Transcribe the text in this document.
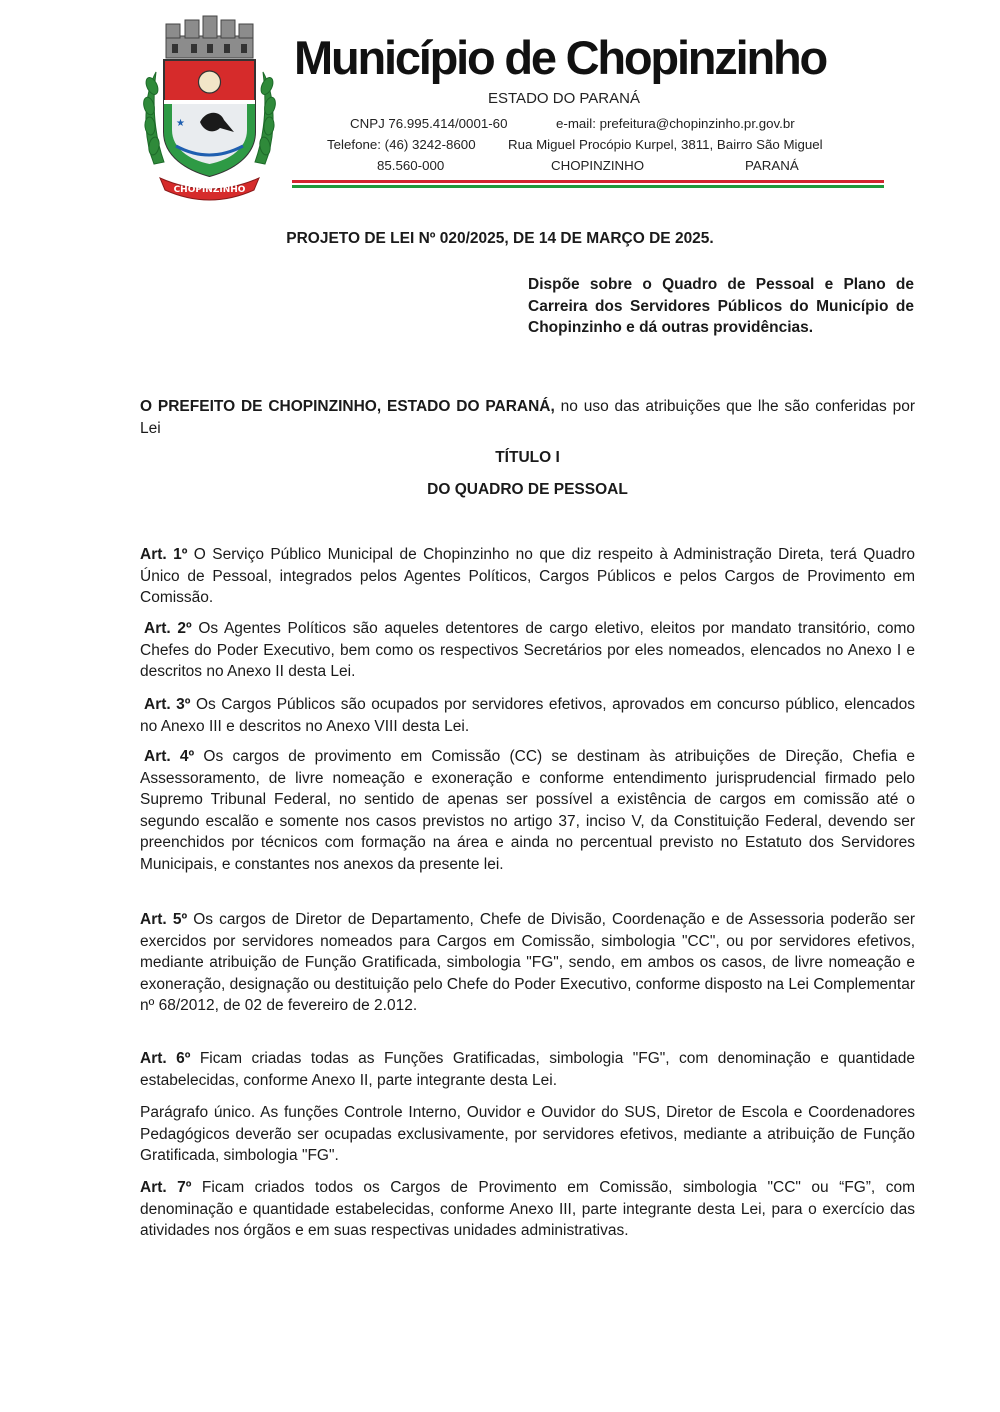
★
CHOPINZINHO
Município de Chopinzinho
ESTADO DO PARANÁ
CNPJ 76.995.414/0001-60	e-mail: prefeitura@chopinzinho.pr.gov.br
Telefone: (46) 3242-8600 Rua Miguel Procópio Kurpel, 3811, Bairro São Miguel
85.560-000	CHOPINZINHO	PARANÁ
PROJETO DE LEI Nº 020/2025, DE 14 DE MARÇO DE 2025.
Dispõe sobre o Quadro de Pessoal e Plano de Carreira dos Servidores Públicos do Município de Chopinzinho e dá outras providências.
O PREFEITO DE CHOPINZINHO, ESTADO DO PARANÁ, no uso das atribuições que lhe são conferidas por Lei
TÍTULO I
DO QUADRO DE PESSOAL
Art. 1º O Serviço Público Municipal de Chopinzinho no que diz respeito à Administração Direta, terá Quadro Único de Pessoal, integrados pelos Agentes Políticos, Cargos Públicos e pelos Cargos de Provimento em Comissão.
Art. 2º Os Agentes Políticos são aqueles detentores de cargo eletivo, eleitos por mandato transitório, como Chefes do Poder Executivo, bem como os respectivos Secretários por eles nomeados, elencados no Anexo I e descritos no Anexo II desta Lei.
Art. 3º Os Cargos Públicos são ocupados por servidores efetivos, aprovados em concurso público, elencados no Anexo III e descritos no Anexo VIII desta Lei.
Art. 4º Os cargos de provimento em Comissão (CC) se destinam às atribuições de Direção, Chefia e Assessoramento, de livre nomeação e exoneração e conforme entendimento jurisprudencial firmado pelo Supremo Tribunal Federal, no sentido de apenas ser possível a existência de cargos em comissão até o segundo escalão e somente nos casos previstos no artigo 37, inciso V, da Constituição Federal, devendo ser preenchidos por técnicos com formação na área e ainda no percentual previsto no Estatuto dos Servidores Municipais, e constantes nos anexos da presente lei.
Art. 5º Os cargos de Diretor de Departamento, Chefe de Divisão, Coordenação e de Assessoria poderão ser exercidos por servidores nomeados para Cargos em Comissão, simbologia "CC", ou por servidores efetivos, mediante atribuição de Função Gratificada, simbologia "FG", sendo, em ambos os casos, de livre nomeação e exoneração, designação ou destituição pelo Chefe do Poder Executivo, conforme disposto na Lei Complementar nº 68/2012, de 02 de fevereiro de 2.012.
Art. 6º Ficam criadas todas as Funções Gratificadas, simbologia "FG", com denominação e quantidade estabelecidas, conforme Anexo II, parte integrante desta Lei.
Parágrafo único. As funções Controle Interno, Ouvidor e Ouvidor do SUS, Diretor de Escola e Coordenadores Pedagógicos deverão ser ocupadas exclusivamente, por servidores efetivos, mediante a atribuição de Função Gratificada, simbologia "FG".
Art. 7º Ficam criados todos os Cargos de Provimento em Comissão, simbologia "CC" ou “FG”, com denominação e quantidade estabelecidas, conforme Anexo III, parte integrante desta Lei, para o exercício das atividades nos órgãos e em suas respectivas unidades administrativas.
